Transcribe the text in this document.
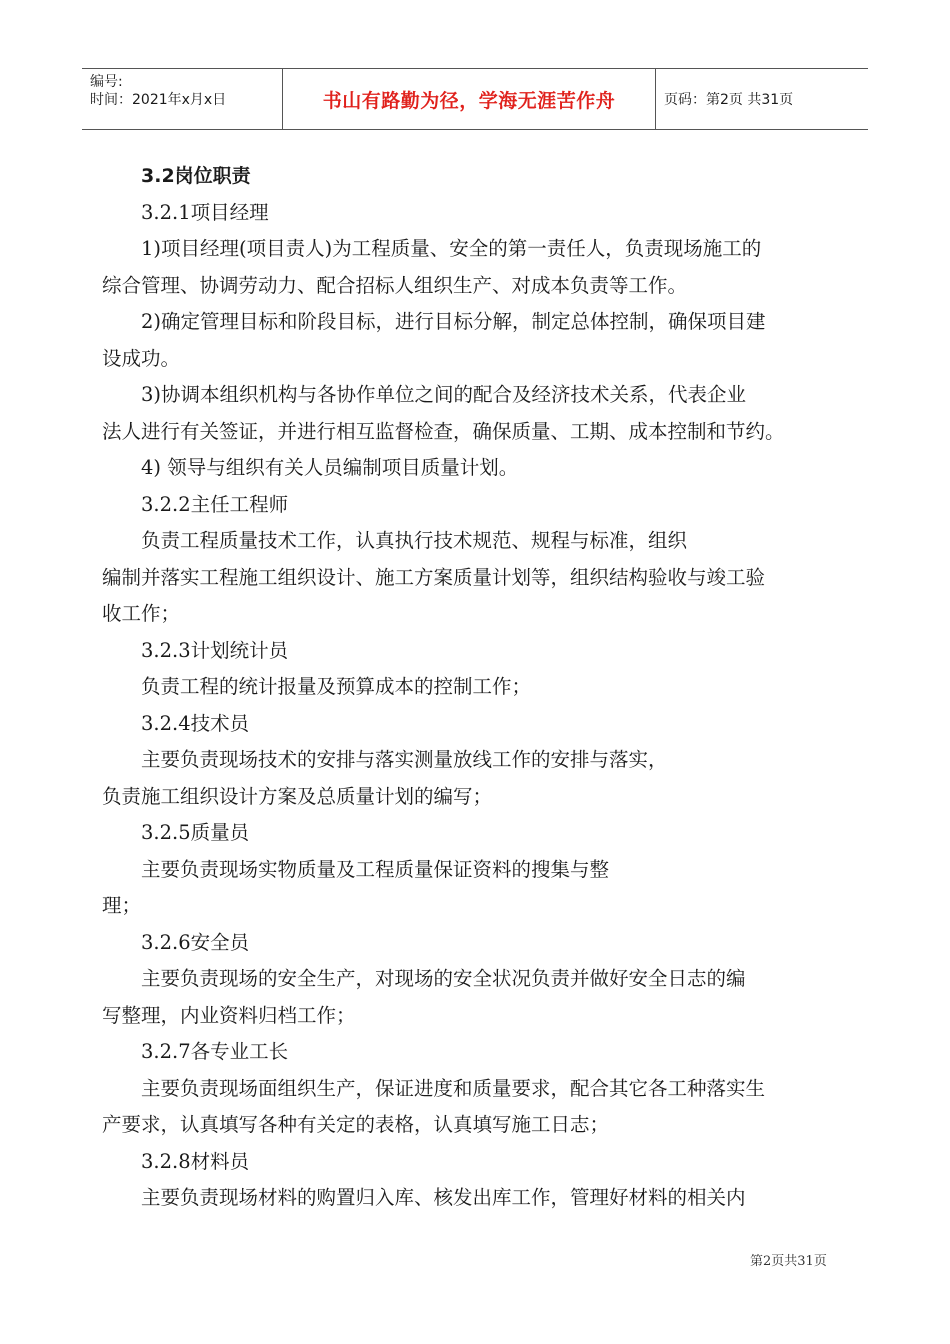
编号:
时间：2021年x月x日	书山有路勤为径，学海无涯苦作舟	页码：第2页 共31页

3.2岗位职责

3.2.1项目经理

1)项目经理(项目责人)为工程质量、安全的第一责任人，负责现场施工的

综合管理、协调劳动力、配合招标人组织生产、对成本负责等工作。

2)确定管理目标和阶段目标，进行目标分解，制定总体控制，确保项目建

设成功。

3)协调本组织机构与各协作单位之间的配合及经济技术关系，代表企业

法人进行有关签证，并进行相互监督检查，确保质量、工期、成本控制和节约。

4) 领导与组织有关人员编制项目质量计划。

3.2.2主任工程师

负责工程质量技术工作，认真执行技术规范、规程与标准，组织

编制并落实工程施工组织设计、施工方案质量计划等，组织结构验收与竣工验

收工作；

3.2.3计划统计员

负责工程的统计报量及预算成本的控制工作；

3.2.4技术员

主要负责现场技术的安排与落实测量放线工作的安排与落实，

负责施工组织设计方案及总质量计划的编写；

3.2.5质量员

主要负责现场实物质量及工程质量保证资料的搜集与整

理；

3.2.6安全员

主要负责现场的安全生产，对现场的安全状况负责并做好安全日志的编

写整理，内业资料归档工作；

3.2.7各专业工长

主要负责现场面组织生产，保证进度和质量要求，配合其它各工种落实生

产要求，认真填写各种有关定的表格，认真填写施工日志；

3.2.8材料员

主要负责现场材料的购置归入库、核发出库工作，管理好材料的相关内

第2页共31页
